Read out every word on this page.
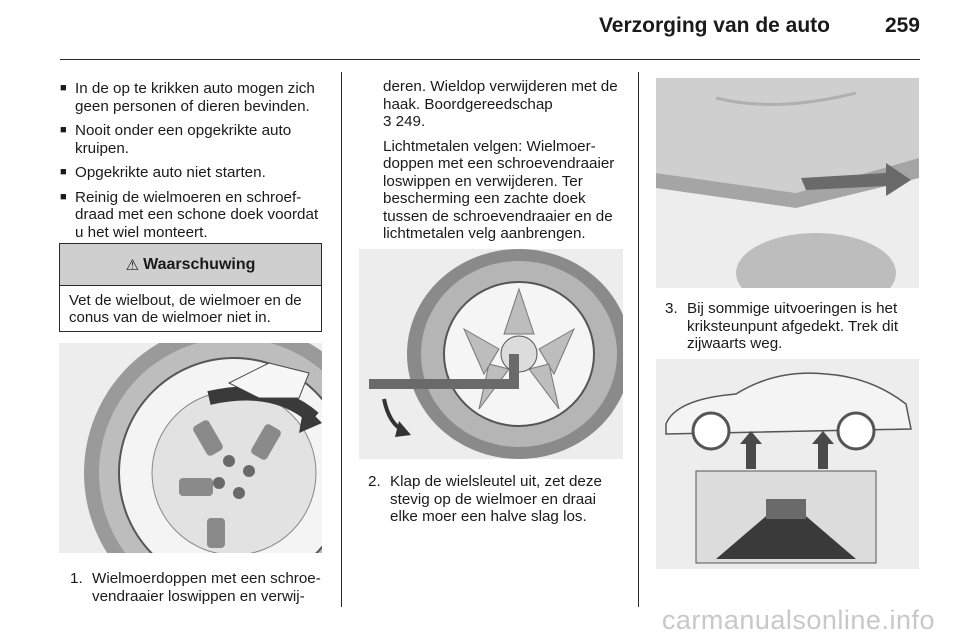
Verzorging van de auto	259
■ In de op te krikken auto mogen zich geen personen of dieren bevinden.
■ Nooit onder een opgekrikte auto kruipen.
■ Opgekrikte auto niet starten.
■ Reinig de wielmoeren en schroefdraad met een schone doek voordat u het wiel monteert.
⚠ Waarschuwing
Vet de wielbout, de wielmoer en de conus van de wielmoer niet in.
1. Wielmoerdoppen met een schroevendraaier loswippen en verwij-

deren. Wieldop verwijderen met de haak. Boordgereedschap
3 249.

Lichtmetalen velgen: Wielmoerdoppen met een schroevendraaier loswippen en verwijderen. Ter bescherming een zachte doek tussen de schroevendraaier en de lichtmetalen velg aanbrengen.

2. Klap de wielsleutel uit, zet deze stevig op de wielmoer en draai elke moer een halve slag los.
3. Bij sommige uitvoeringen is het kriksteunpunt afgedekt. Trek dit zijwaarts weg.
carmanualsonline.info
